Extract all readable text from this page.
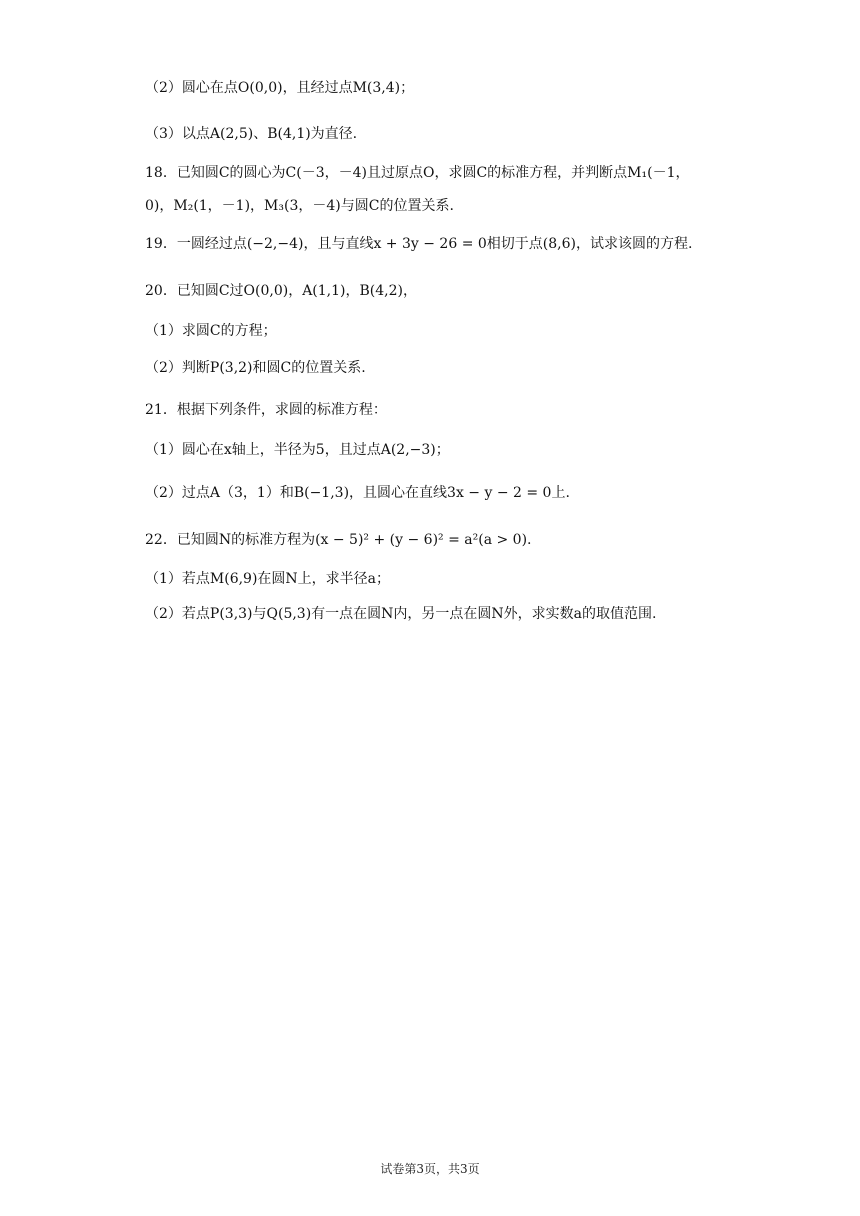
（2）圆心在点O(0,0)，且经过点M(3,4)；
（3）以点A(2,5)、B(4,1)为直径.
18．已知圆C的圆心为C(－3，－4)且过原点O，求圆C的标准方程，并判断点M₁(－1，
0)，M₂(1，－1)，M₃(3，－4)与圆C的位置关系.
19．一圆经过点(−2,−4)，且与直线x + 3y − 26 = 0相切于点(8,6)，试求该圆的方程.
20．已知圆C过O(0,0)，A(1,1)，B(4,2)，
（1）求圆C的方程；
（2）判断P(3,2)和圆C的位置关系.
21．根据下列条件，求圆的标准方程：
（1）圆心在x轴上，半径为5，且过点A(2,−3)；
（2）过点A（3，1）和B(−1,3)，且圆心在直线3x − y − 2 = 0上.
22．已知圆N的标准方程为(x − 5)² + (y − 6)² = a²(a > 0).
（1）若点M(6,9)在圆N上，求半径a；
（2）若点P(3,3)与Q(5,3)有一点在圆N内，另一点在圆N外，求实数a的取值范围.
试卷第3页，共3页
